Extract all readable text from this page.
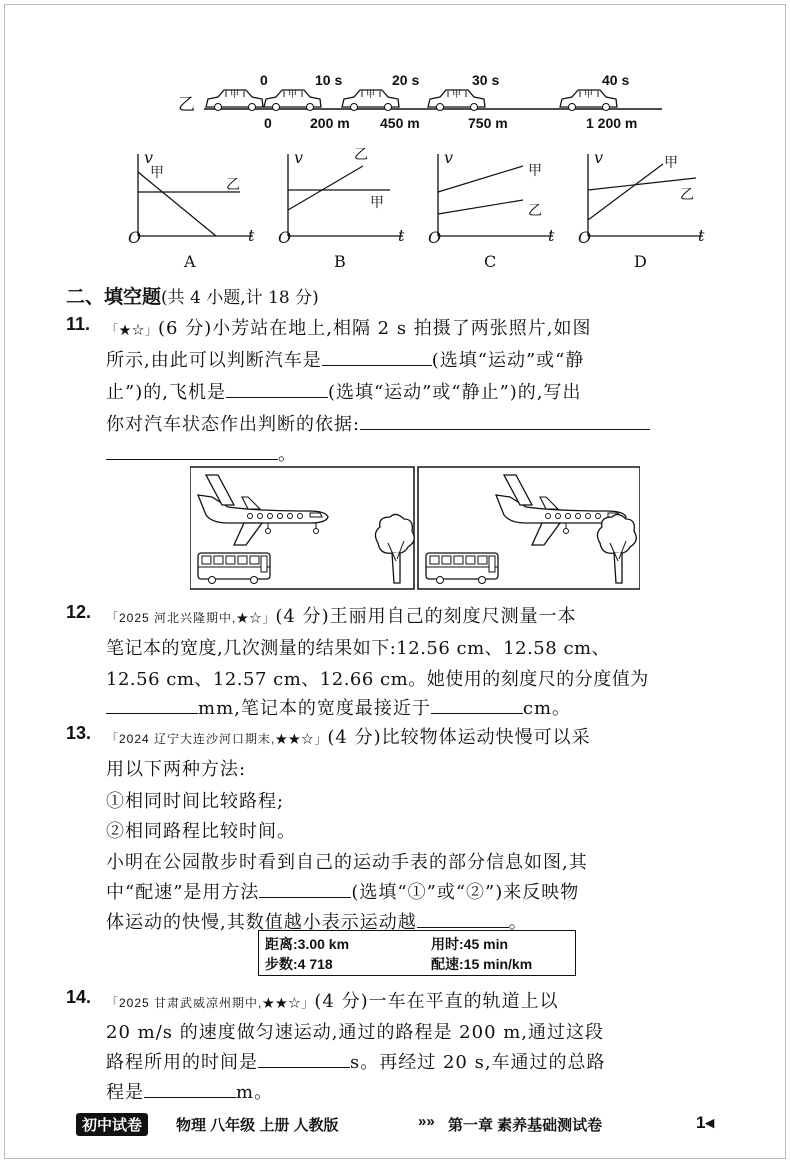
0	10 s	20 s	30 s	40 s
乙	甲
0	200 m 450 m	750 m	1 200 m
v
甲
乙
O	t
A
v	乙
甲
O	t
B
v
甲
乙
O	t
C
v	甲
乙
O	t
D
二、填空题(共 4 小题,计 18 分)
11. 「★☆」(6 分)小芳站在地上,相隔 2 s 拍摄了两张照片,如图
所示,由此可以判断汽车是	(选填“运动”或“静
止”)的,飞机是	(选填“运动”或“静止”)的,写出
你对汽车状态作出判断的依据:
。
12. 「2025 河北兴隆期中,★☆」(4 分)王丽用自己的刻度尺测量一本
笔记本的宽度,几次测量的结果如下:12.56 cm、12.58 cm、
12.56 cm、12.57 cm、12.66 cm。她使用的刻度尺的分度值为
mm,笔记本的宽度最接近于	cm。
13. 「2024 辽宁大连沙河口期末,★★☆」(4 分)比较物体运动快慢可以采
用以下两种方法:
①相同时间比较路程;
②相同路程比较时间。
小明在公园散步时看到自己的运动手表的部分信息如图,其
中“配速”是用方法	(选填“①”或“②”)来反映物
体运动的快慢,其数值越小表示运动越	。
距离:3.00 km	用时:45 min
步数:4 718	配速:15 min/km
14. 「2025 甘肃武威凉州期中,★★☆」(4 分)一车在平直的轨道上以
20 m/s 的速度做匀速运动,通过的路程是 200 m,通过这段
路程所用的时间是	s。再经过 20 s,车通过的总路
程是	m。
初中试卷	物理 八年级 上册 人教版	»» 第一章 素养基础测试卷	1◂
